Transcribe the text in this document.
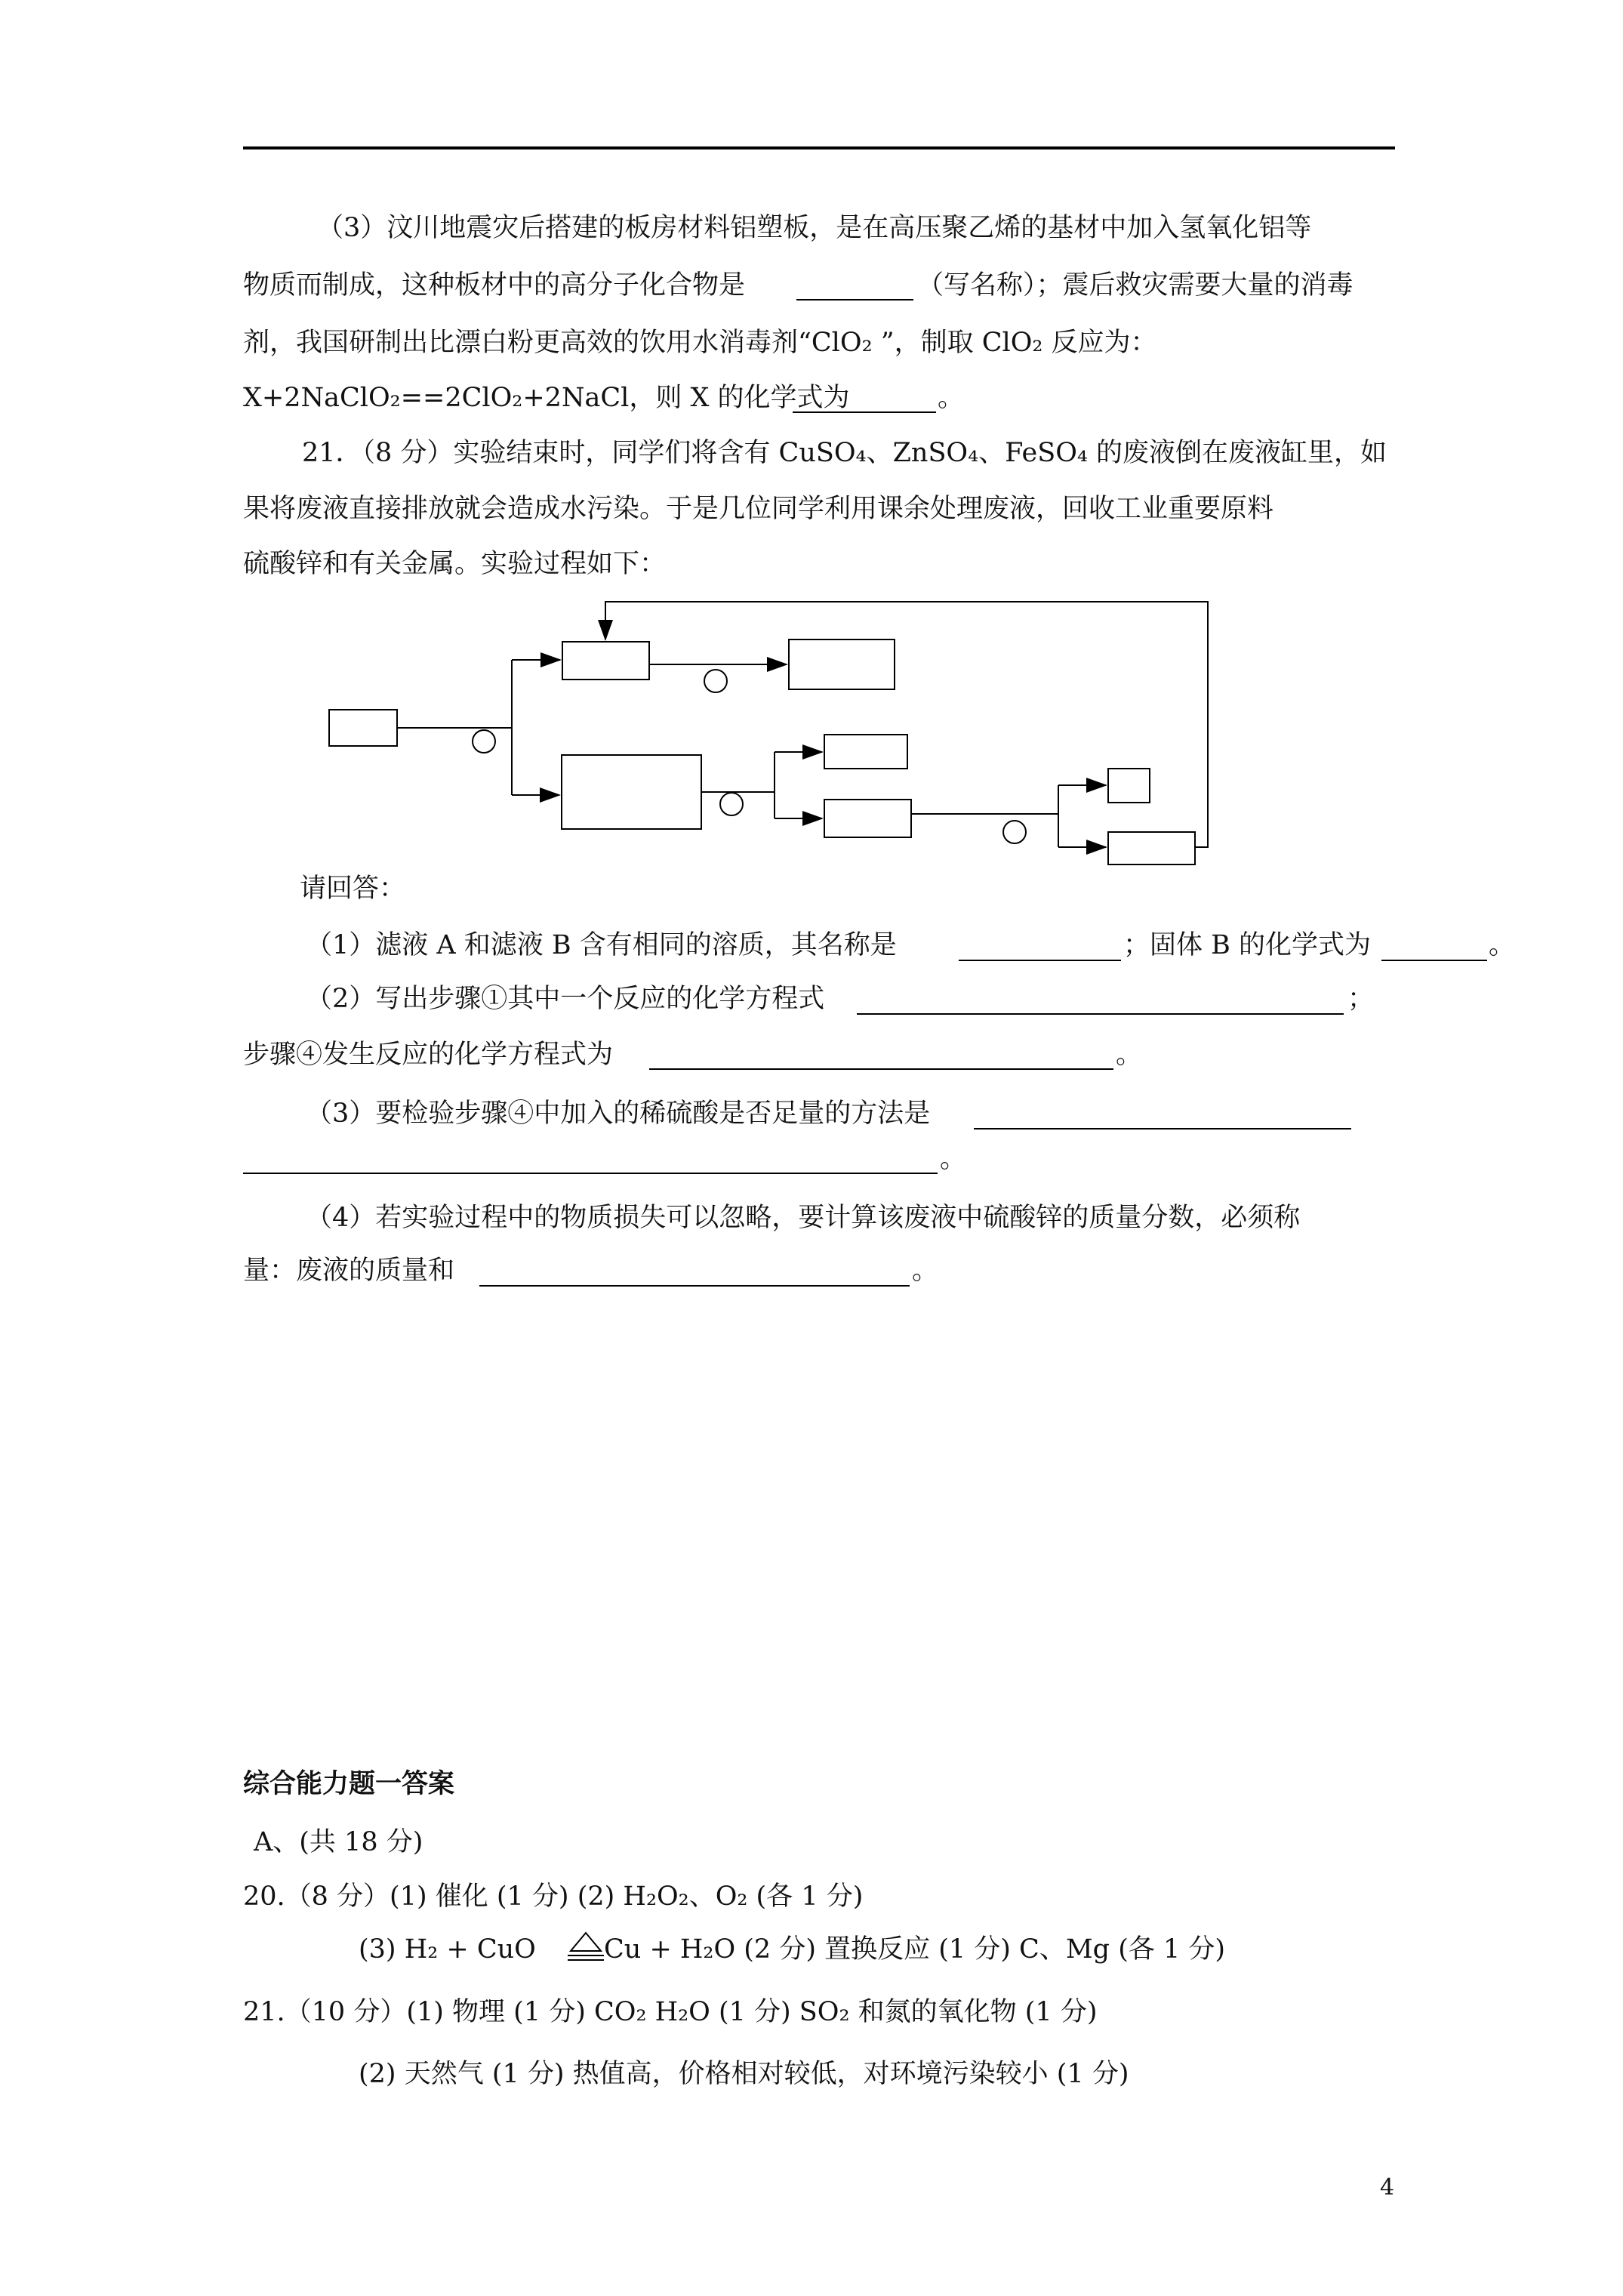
（3）汶川地震灾后搭建的板房材料铝塑板，是在高压聚乙烯的基材中加入氢氧化铝等
物质而制成，这种板材中的高分子化合物是	（写名称）；震后救灾需要大量的消毒
剂，我国研制出比漂白粉更高效的饮用水消毒剂“ClO₂ ”，制取 ClO₂ 反应为：
X+2NaClO₂==2ClO₂+2NaCl，则 X 的化学式为	。
21．（8 分）实验结束时，同学们将含有 CuSO₄、ZnSO₄、FeSO₄ 的废液倒在废液缸里，如
果将废液直接排放就会造成水污染。于是几位同学利用课余处理废液，回收工业重要原料
硫酸锌和有关金属。实验过程如下：
请回答：
（1）滤液 A 和滤液 B 含有相同的溶质，其名称是	；固体 B 的化学式为	。
（2）写出步骤①其中一个反应的化学方程式	；
步骤④发生反应的化学方程式为	。
（3）要检验步骤④中加入的稀硫酸是否足量的方法是
。
（4）若实验过程中的物质损失可以忽略，要计算该废液中硫酸锌的质量分数，必须称
量：废液的质量和	。
综合能力题一答案
A、(共 18 分)
20.（8 分）(1) 催化 (1 分) (2) H₂O₂、O₂ (各 1 分)
(3) H₂ + CuO	Cu + H₂O (2 分) 置换反应 (1 分) C、Mg (各 1 分)
21.（10 分）(1) 物理 (1 分) CO₂ H₂O (1 分) SO₂ 和氮的氧化物 (1 分)
(2) 天然气 (1 分) 热值高，价格相对较低，对环境污染较小 (1 分)
4
